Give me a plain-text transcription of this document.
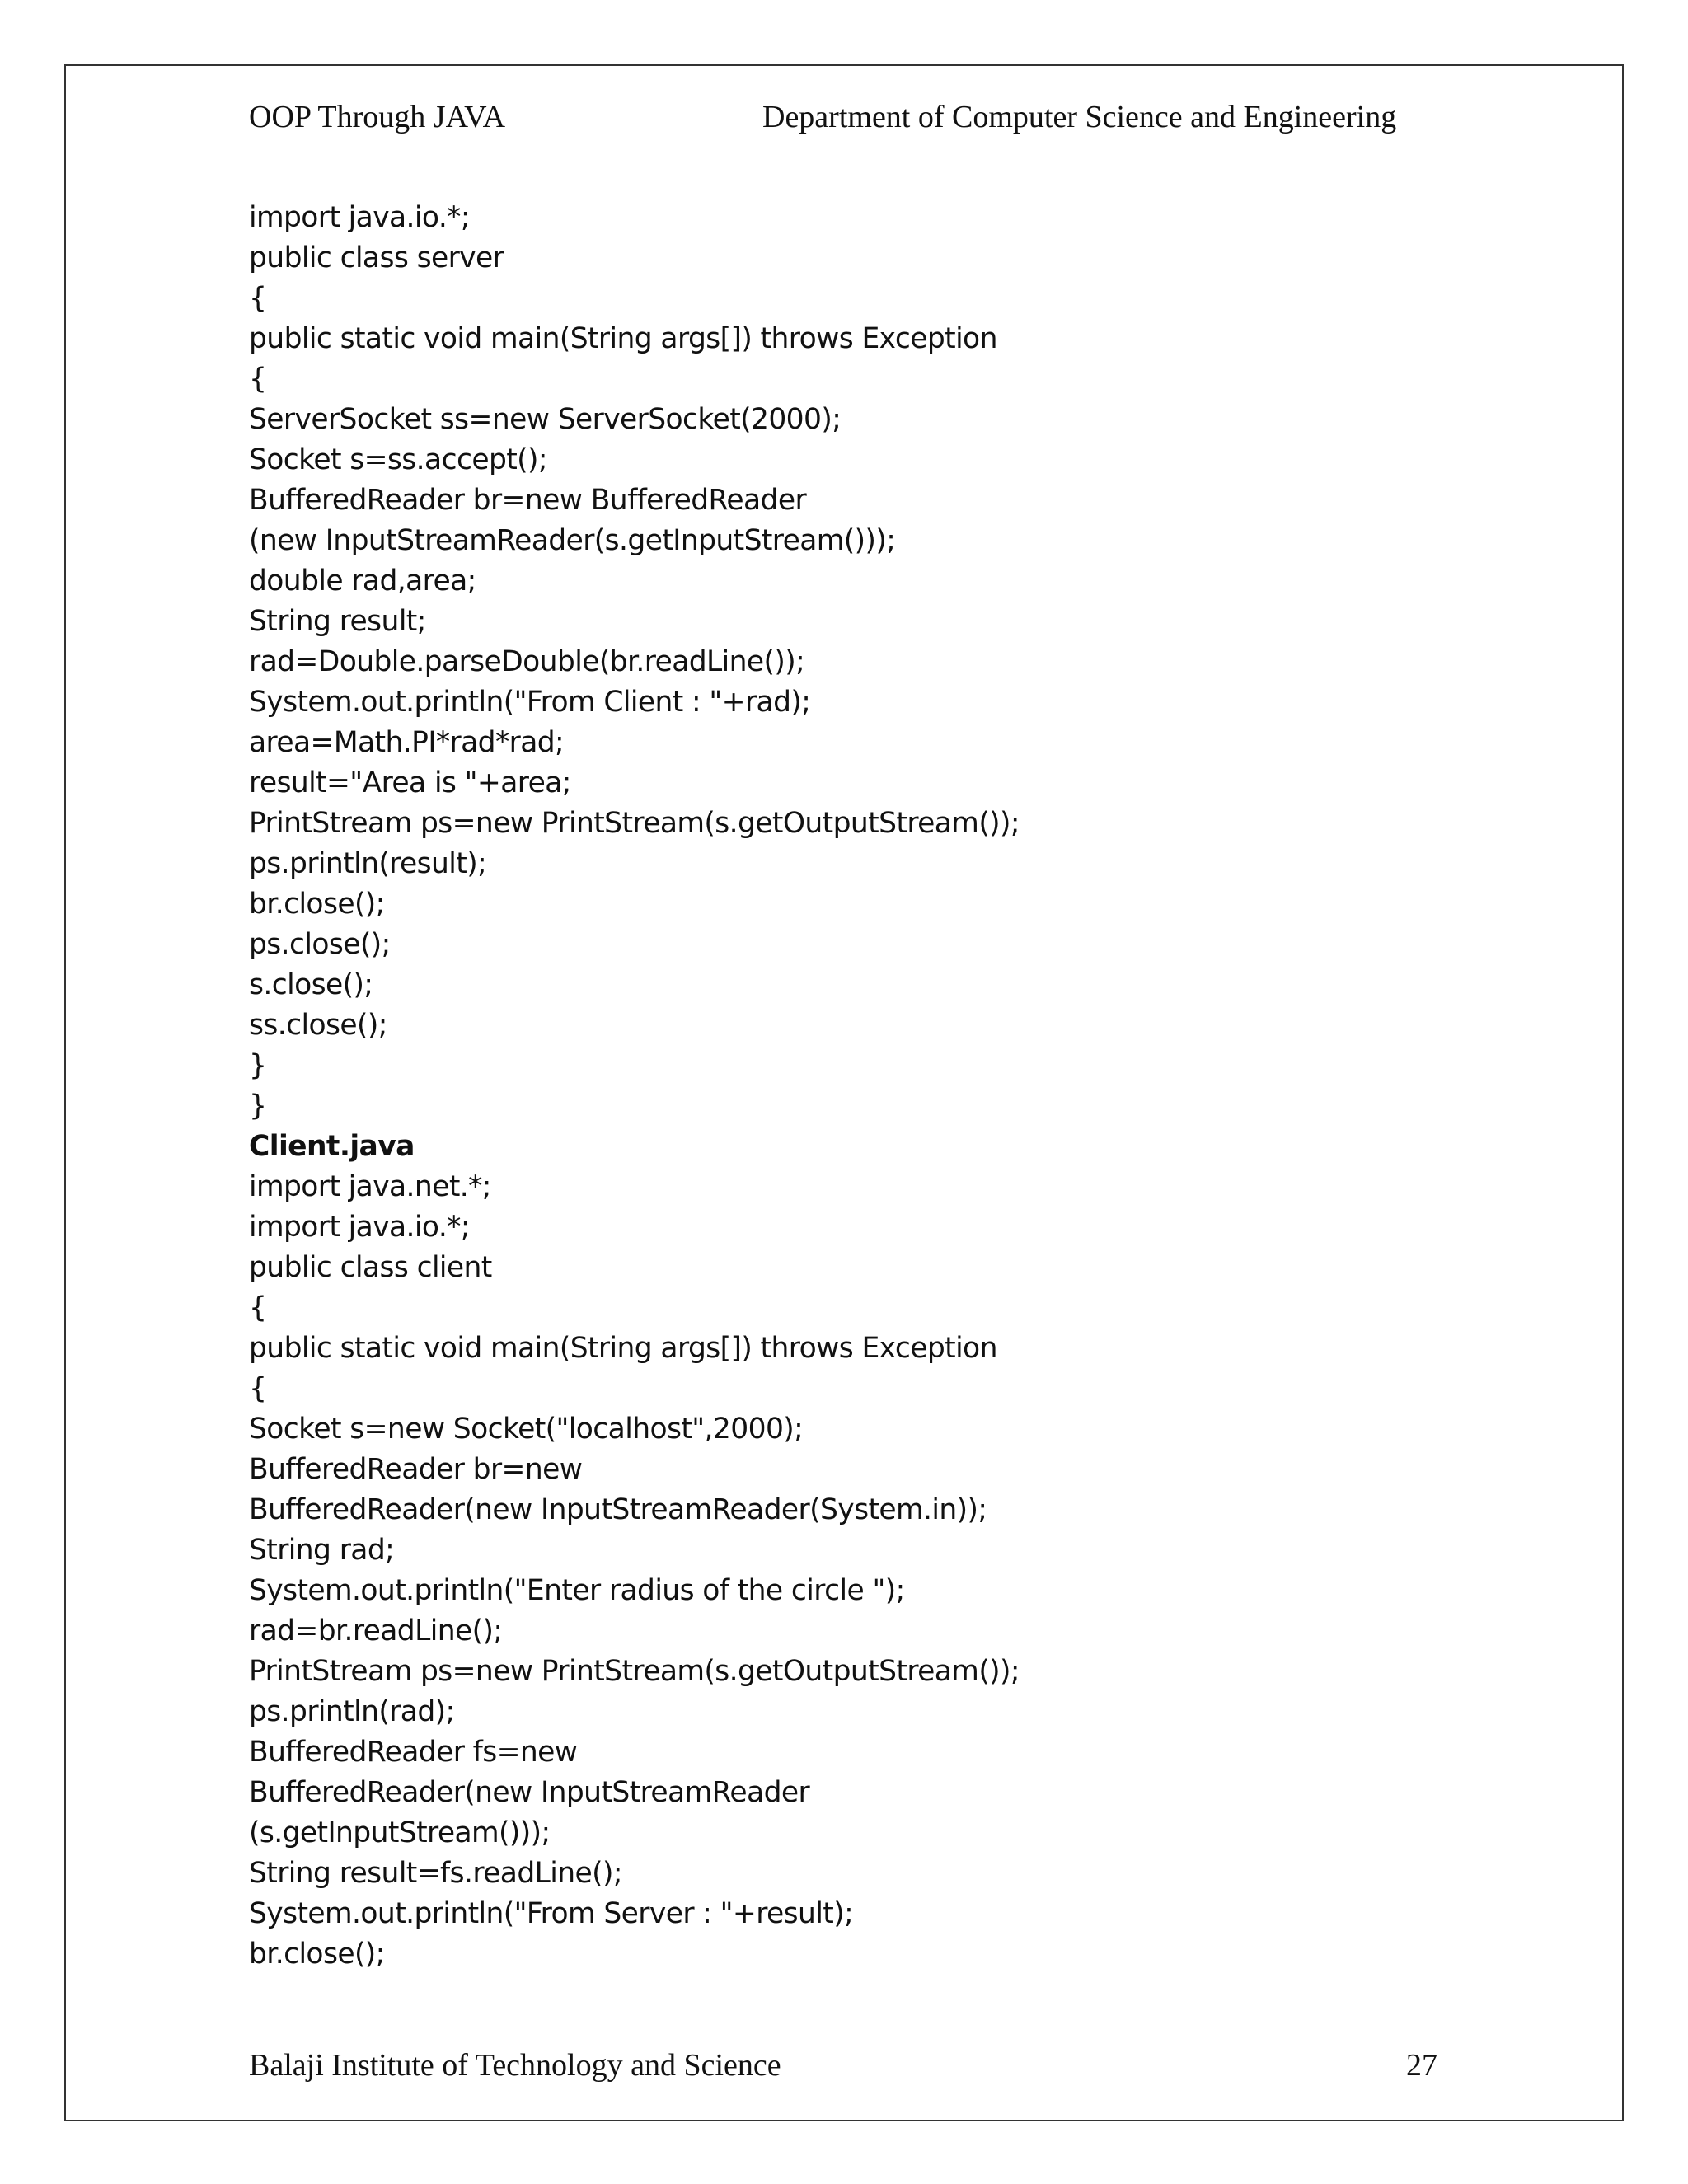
OOP Through JAVA	Department of Computer Science and Engineering
import java.io.*;
public class server
{
public static void main(String args[]) throws Exception
{
ServerSocket ss=new ServerSocket(2000);
Socket s=ss.accept();
BufferedReader br=new BufferedReader
(new InputStreamReader(s.getInputStream()));
double rad,area;
String result;
rad=Double.parseDouble(br.readLine());
System.out.println("From Client : "+rad);
area=Math.PI*rad*rad;
result="Area is "+area;
PrintStream ps=new PrintStream(s.getOutputStream());
ps.println(result);
br.close();
ps.close();
s.close();
ss.close();
}
}
Client.java
import java.net.*;
import java.io.*;
public class client
{
public static void main(String args[]) throws Exception
{
Socket s=new Socket("localhost",2000);
BufferedReader br=new
BufferedReader(new InputStreamReader(System.in));
String rad;
System.out.println("Enter radius of the circle ");
rad=br.readLine();
PrintStream ps=new PrintStream(s.getOutputStream());
ps.println(rad);
BufferedReader fs=new
BufferedReader(new InputStreamReader
(s.getInputStream()));
String result=fs.readLine();
System.out.println("From Server : "+result);
br.close();
Balaji Institute of Technology and Science	27
